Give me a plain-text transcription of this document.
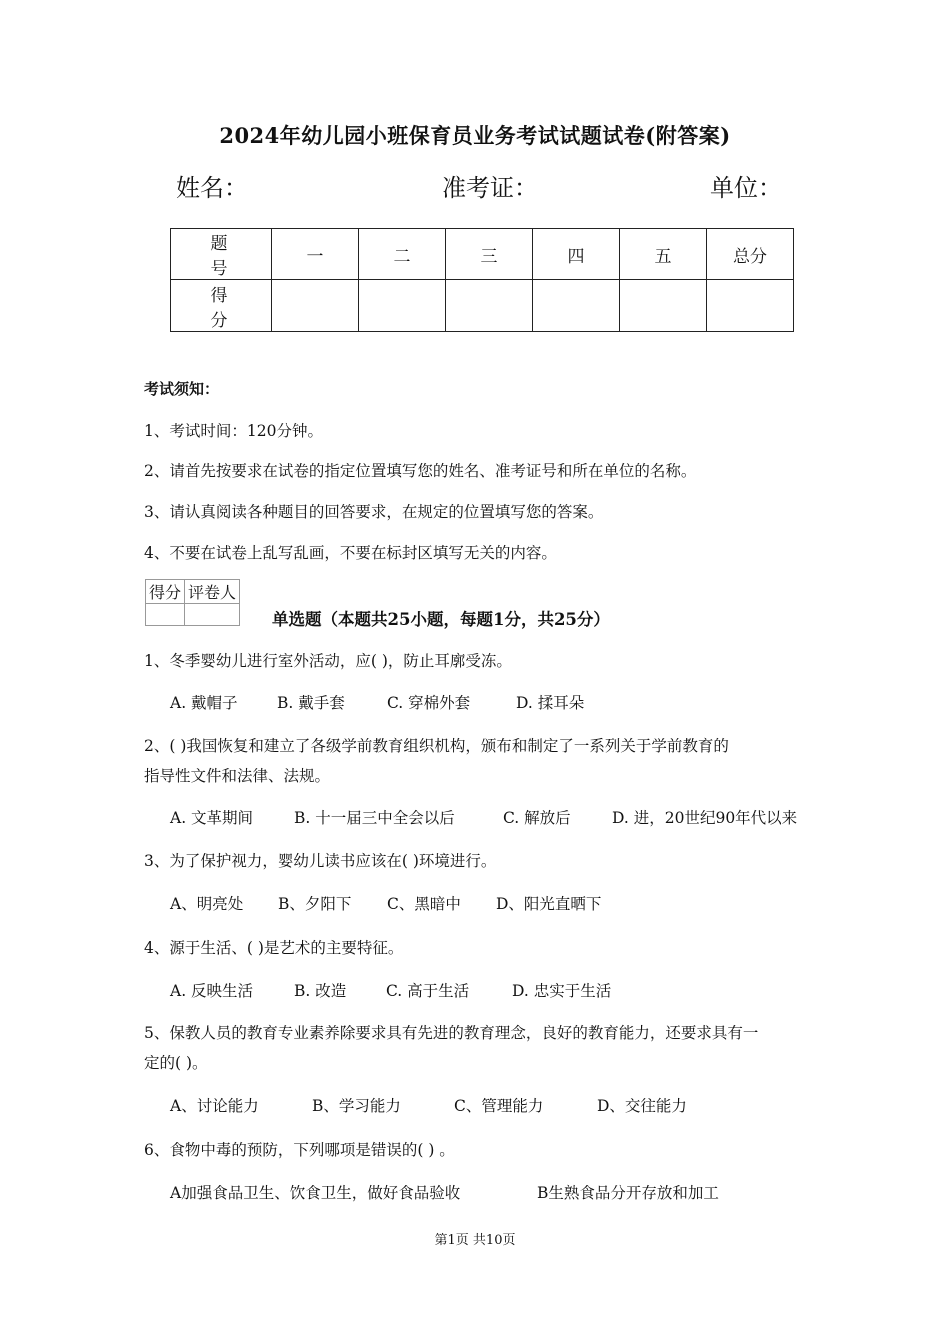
2024年幼儿园小班保育员业务考试试题试卷(附答案)
姓名：	准考证：	单位：
题 号	一	二	三	四	五	总分
得 分						
考试须知：
1、考试时间：120分钟。
2、请首先按要求在试卷的指定位置填写您的姓名、准考证号和所在单位的名称。
3、请认真阅读各种题目的回答要求，在规定的位置填写您的答案。
4、不要在试卷上乱写乱画，不要在标封区填写无关的内容。
得分	评卷人

单选题（本题共25小题，每题1分，共25分）
1、冬季婴幼儿进行室外活动，应( )，防止耳廓受冻。
A. 戴帽子	B. 戴手套	C. 穿棉外套	D. 揉耳朵
2、( )我国恢复和建立了各级学前教育组织机构，颁布和制定了一系列关于学前教育的
指导性文件和法律、法规。
A. 文革期间	B. 十一届三中全会以后	C. 解放后	D. 进，20世纪90年代以来
3、为了保护视力，婴幼儿读书应该在( )环境进行。
A、明亮处 B、夕阳下 C、黑暗中 D、阳光直晒下
4、源于生活、( )是艺术的主要特征。
A. 反映生活	B. 改造	C. 高于生活	D. 忠实于生活
5、保教人员的教育专业素养除要求具有先进的教育理念，良好的教育能力，还要求具有一
定的( )。
A、讨论能力	B、学习能力	C、管理能力	D、交往能力
6、食物中毒的预防，下列哪项是错误的( ) 。
A加强食品卫生、饮食卫生，做好食品验收	B生熟食品分开存放和加工
第1页 共10页
